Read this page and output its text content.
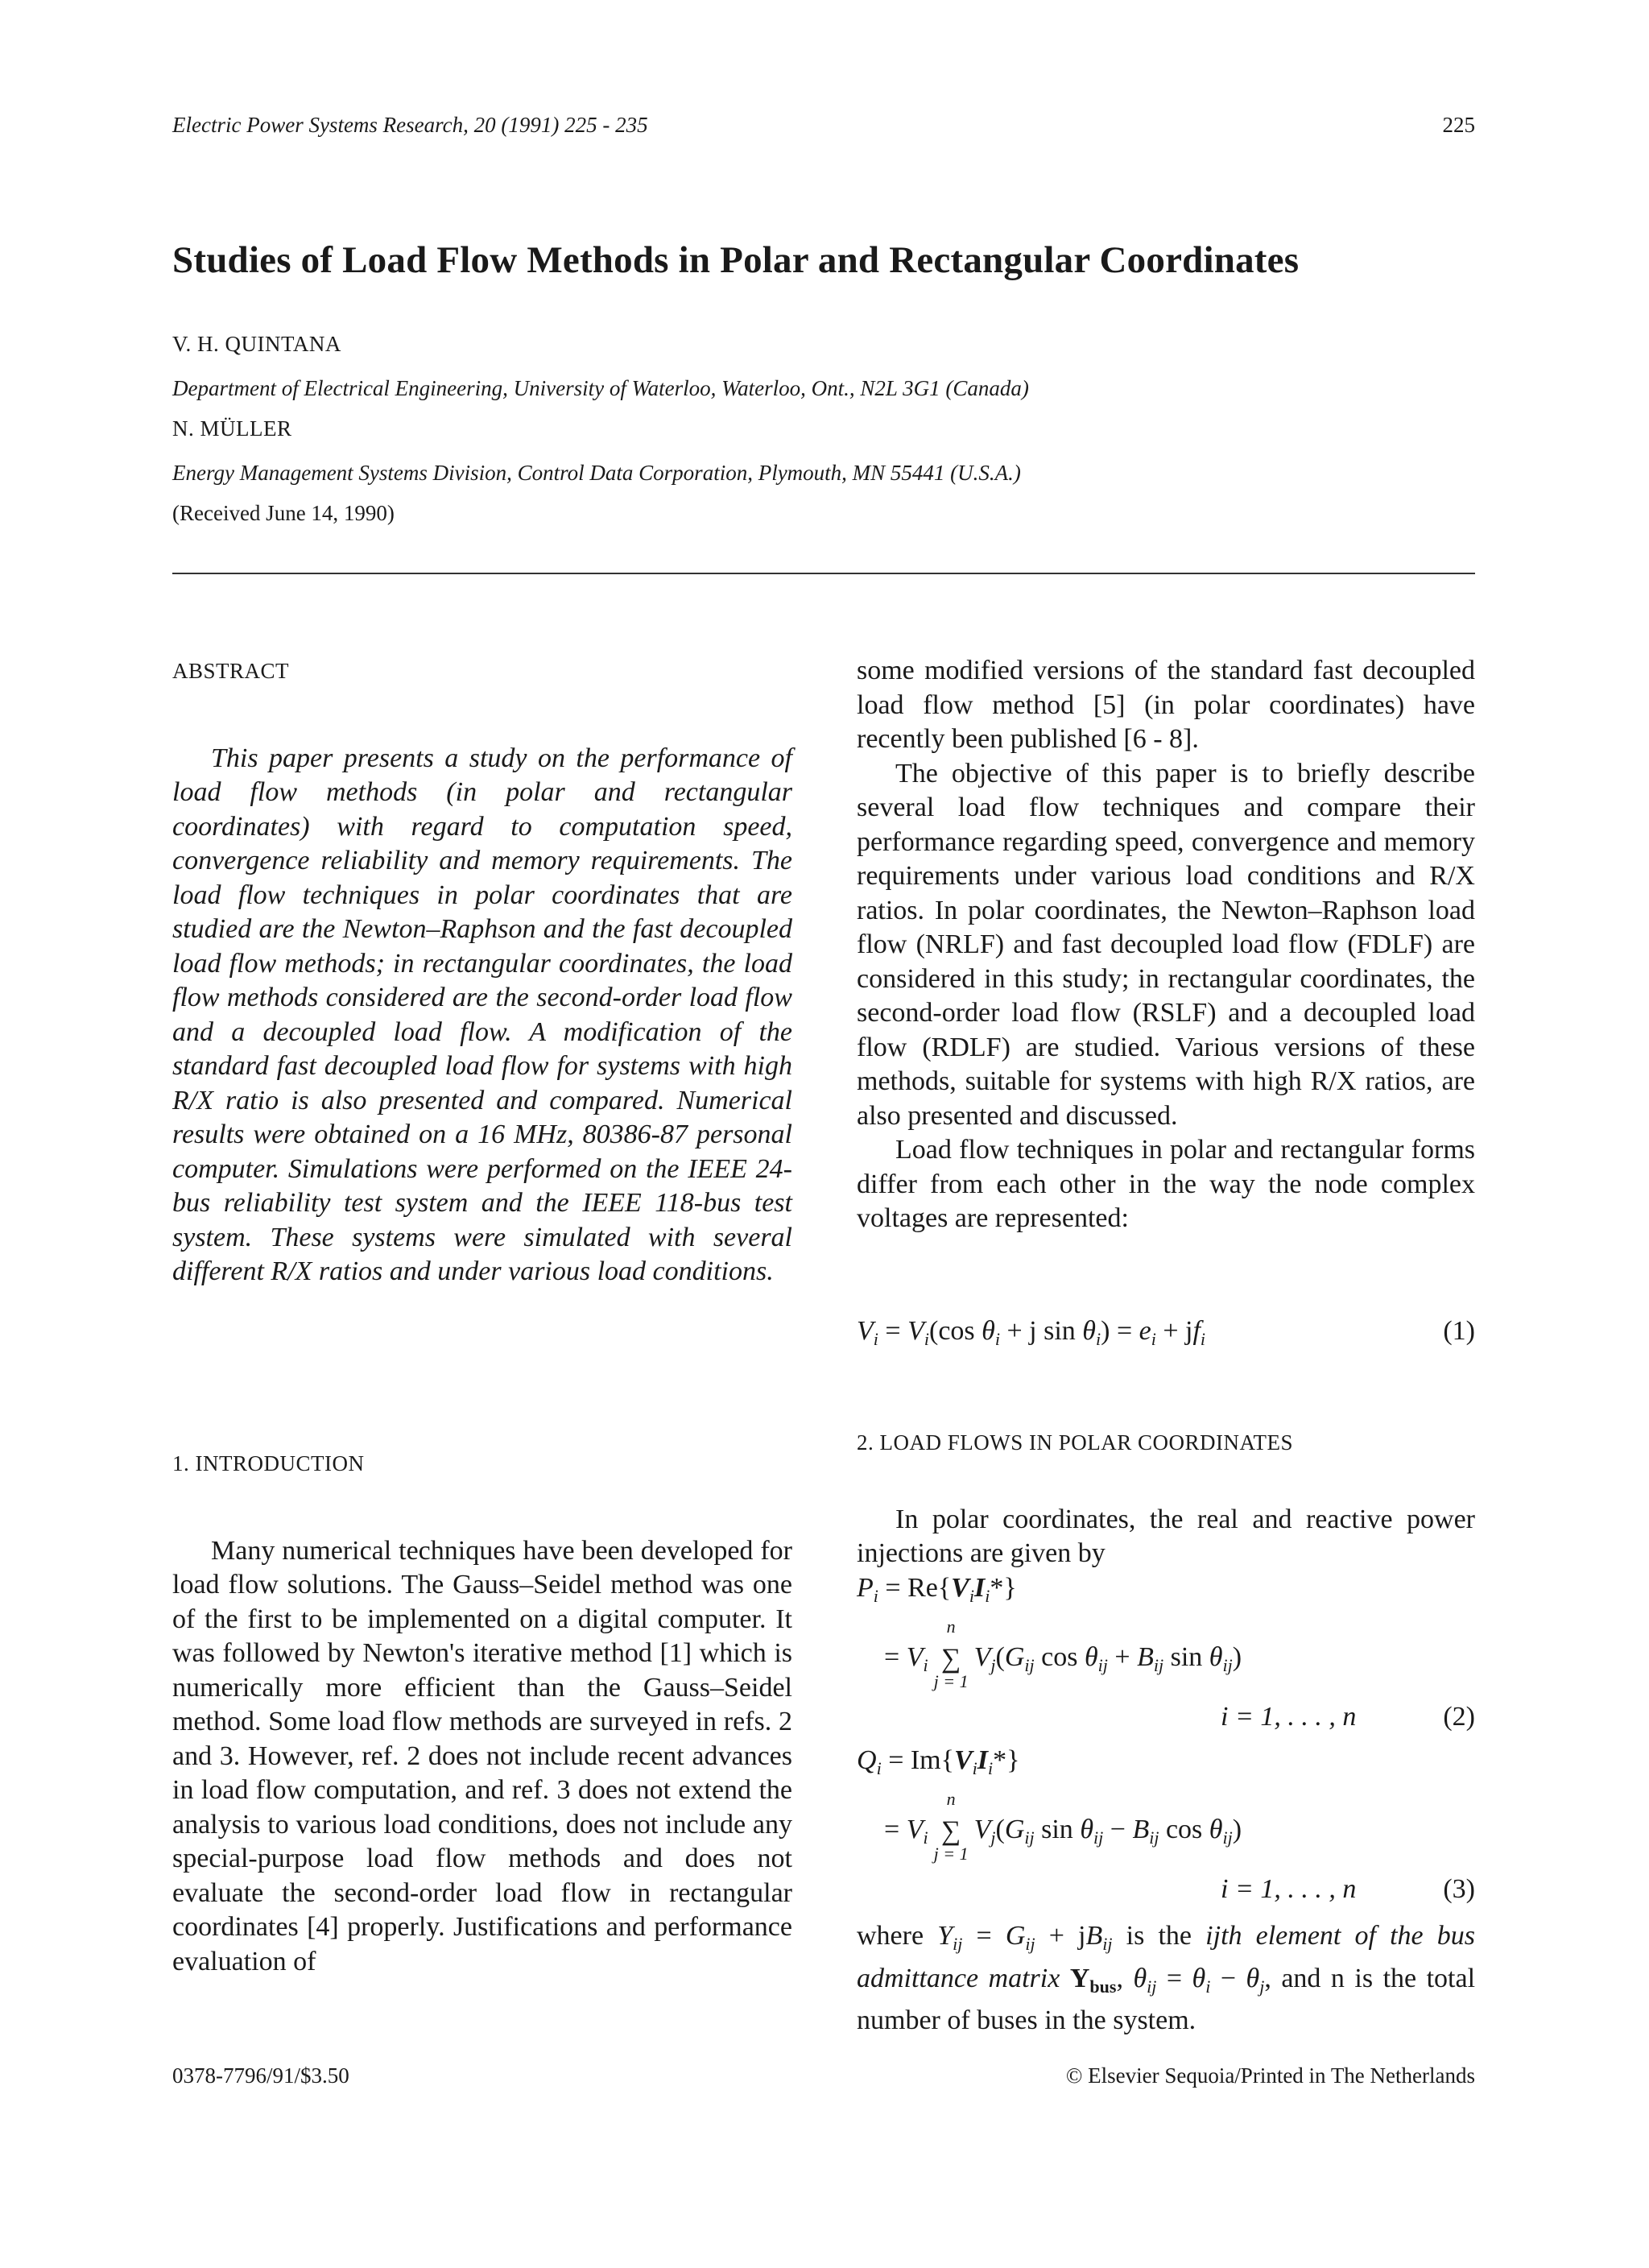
Electric Power Systems Research, 20 (1991) 225 - 235	225
Studies of Load Flow Methods in Polar and Rectangular Coordinates
V. H. QUINTANA
Department of Electrical Engineering, University of Waterloo, Waterloo, Ont., N2L 3G1 (Canada)
N. MÜLLER
Energy Management Systems Division, Control Data Corporation, Plymouth, MN 55441 (U.S.A.)
(Received June 14, 1990)
ABSTRACT

This paper presents a study on the performance of load flow methods (in polar and rectangular coordinates) with regard to computation speed, convergence reliability and memory requirements. The load flow techniques in polar coordinates that are studied are the Newton–Raphson and the fast decoupled load flow methods; in rectangular coordinates, the load flow methods considered are the second-order load flow and a decoupled load flow. A modification of the standard fast decoupled load flow for systems with high R/X ratio is also presented and compared. Numerical results were obtained on a 16 MHz, 80386-87 personal computer. Simulations were performed on the IEEE 24-bus reliability test system and the IEEE 118-bus test system. These systems were simulated with several different R/X ratios and under various load conditions.

1. INTRODUCTION

Many numerical techniques have been developed for load flow solutions. The Gauss–Seidel method was one of the first to be implemented on a digital computer. It was followed by Newton's iterative method [1] which is numerically more efficient than the Gauss–Seidel method. Some load flow methods are surveyed in refs. 2 and 3. However, ref. 2 does not include recent advances in load flow computation, and ref. 3 does not extend the analysis to various load conditions, does not include any special-purpose load flow methods and does not evaluate the second-order load flow in rectangular coordinates [4] properly. Justifications and performance evaluation of

some modified versions of the standard fast decoupled load flow method [5] (in polar coordinates) have recently been published [6 - 8].

The objective of this paper is to briefly describe several load flow techniques and compare their performance regarding speed, convergence and memory requirements under various load conditions and R/X ratios. In polar coordinates, the Newton–Raphson load flow (NRLF) and fast decoupled load flow (FDLF) are considered in this study; in rectangular coordinates, the second-order load flow (RSLF) and a decoupled load flow (RDLF) are studied. Various versions of these methods, suitable for systems with high R/X ratios, are also presented and discussed.

Load flow techniques in polar and rectangular forms differ from each other in the way the node complex voltages are represented:

$V_i = V_i(\cos$ $\theta_i + j$ $\sin \theta_i) = e_i + jf_i$	(1)
2. LOAD FLOWS IN POLAR COORDINATES

In polar coordinates, the real and reactive power injections are given by

$P_i = Re\{V_iI_i*\}$
= $V_i$
n
∑
j = 1
$V_j(G_{ij}$ $\cos \theta_{ij} + B_{ij}$ $\sin \theta_{ij}$)
i = 1, . . . , n	(2)
$Q_i = Im\{V_iI_i*\}$
= $V_i$
n
∑
j = 1
$V_j(G_{ij}$ $\sin \theta_{ij} - B_{ij}$ $\cos \theta_{ij}$)
i = 1, . . . , n	(3)

where $Y_{ij} = G_{ij} + jB_{ij}$ is the ijth element of the bus admittance matrix $Y_{bus}$, $\theta_{ij} = \theta_i - \theta_j$, and n is the total number of buses in the system.

0378-7796/91/$3.50	© Elsevier Sequoia/Printed in The Netherlands
